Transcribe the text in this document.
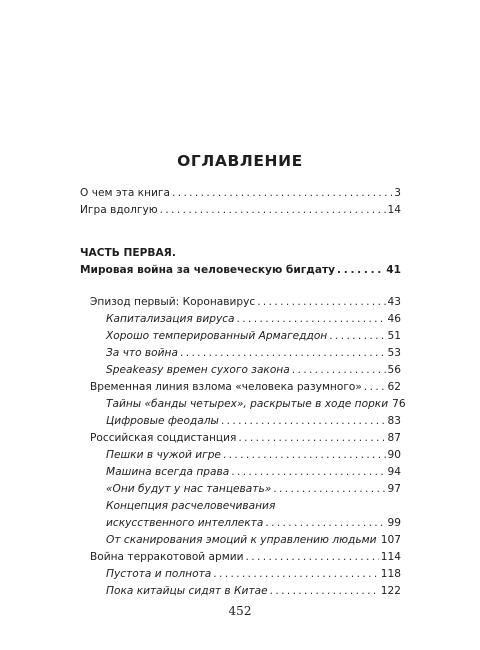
ОГЛАВЛЕНИЕ
О чем эта книга . . .	3
Игра вдолгую . . .	14
ЧАСТЬ ПЕРВАЯ.
Мировая война за человеческую бигдату . . .	41
Эпизод первый: Коронавирус . . .	43
Капитализация вируса . . .	46
Хорошо темперированный Армагеддон . . .	51
За что война . . .	53
Speakeasy времен сухого закона . . .	56
Временная линия взлома «человека разумного» . . . 62
Тайны «банды четырех», раскрытые в ходе порки 76
Цифровые феодалы . . .	83
Российская соцдистанция . . .	87
Пешки в чужой игре . . .	90
Машина всегда права . . .	94
«Они будут у нас танцевать» . . .	97
Концепция расчеловечивания
искусственного интеллекта . . .	99
От сканирования эмоций к управлению людьми . . . 107
Война терракотовой армии . . .	114
Пустота и полнота . . .	118
Пока китайцы сидят в Китае . . .	122
452
